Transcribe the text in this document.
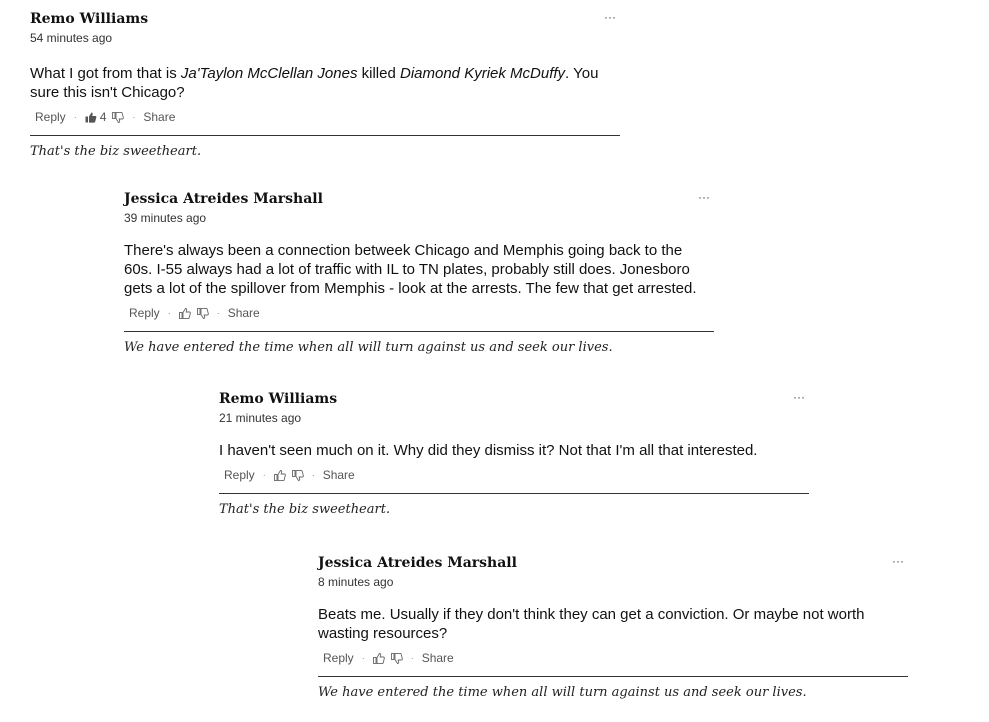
Remo Williams	···
54 minutes ago
What I got from that is Ja'Taylon McClellan Jones killed Diamond Kyriek McDuffy. You sure this isn't Chicago?
Reply · 4	· Share
That's the biz sweetheart.
Jessica Atreides Marshall	···
39 minutes ago
There's always been a connection betweek Chicago and Memphis going back to the 60s. I-55 always had a lot of traffic with IL to TN plates, probably still does. Jonesboro gets a lot of the spillover from Memphis - look at the arrests. The few that get arrested.
Reply ·	· Share
We have entered the time when all will turn against us and seek our lives.
Remo Williams	···
21 minutes ago
I haven't seen much on it. Why did they dismiss it? Not that I'm all that interested.
Reply ·	· Share
That's the biz sweetheart.
Jessica Atreides Marshall	···
8 minutes ago
Beats me. Usually if they don't think they can get a conviction. Or maybe not worth wasting resources?
Reply ·	· Share
We have entered the time when all will turn against us and seek our lives.
